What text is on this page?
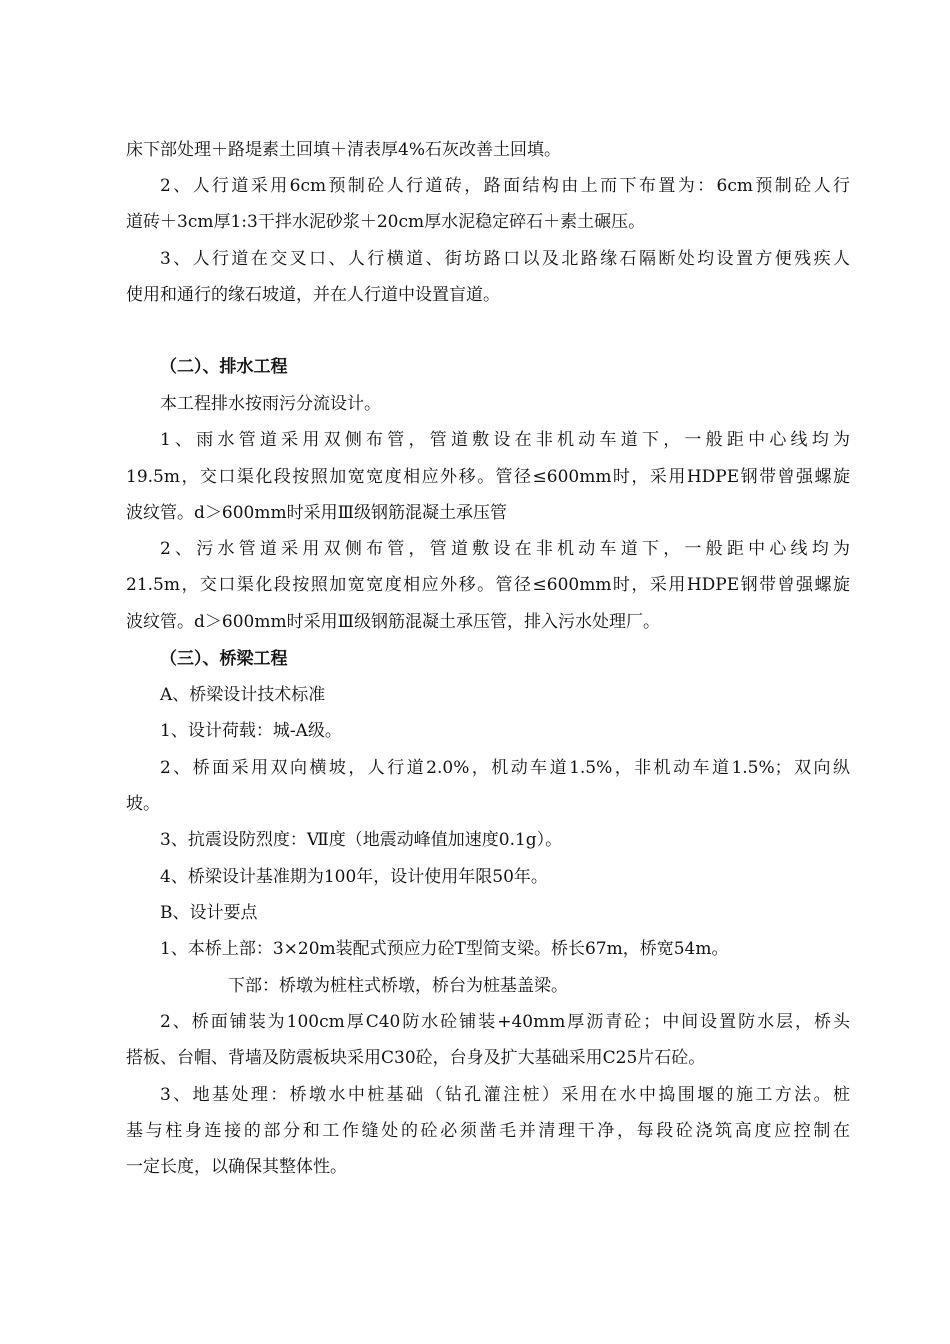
床下部处理＋路堤素土回填＋清表厚4%石灰改善土回填。

2、人行道采用6cm预制砼人行道砖，路面结构由上而下布置为：6cm预制砼人行

道砖＋3cm厚1:3干拌水泥砂浆＋20cm厚水泥稳定碎石＋素土碾压。

3、人行道在交叉口、人行横道、街坊路口以及北路缘石隔断处均设置方便残疾人

使用和通行的缘石坡道，并在人行道中设置盲道。

（二）、排水工程

本工程排水按雨污分流设计。

1、雨水管道采用双侧布管，管道敷设在非机动车道下，一般距中心线均为

19.5m，交口渠化段按照加宽宽度相应外移。管径≤600mm时，采用HDPE钢带曾强螺旋

波纹管。d＞600mm时采用Ⅲ级钢筋混凝土承压管

2、污水管道采用双侧布管，管道敷设在非机动车道下，一般距中心线均为

21.5m，交口渠化段按照加宽宽度相应外移。管径≤600mm时，采用HDPE钢带曾强螺旋

波纹管。d＞600mm时采用Ⅲ级钢筋混凝土承压管，排入污水处理厂。

（三）、桥梁工程

A、桥梁设计技术标准

1、设计荷载：城-A级。

2、桥面采用双向横坡，人行道2.0%，机动车道1.5%，非机动车道1.5%；双向纵

坡。

3、抗震设防烈度：Ⅶ度（地震动峰值加速度0.1g）。

4、桥梁设计基准期为100年，设计使用年限50年。

B、设计要点

1、本桥上部：3×20m装配式预应力砼T型简支梁。桥长67m，桥宽54m。

下部：桥墩为桩柱式桥墩，桥台为桩基盖梁。

2、桥面铺装为100cm厚C40防水砼铺装+40mm厚沥青砼；中间设置防水层，桥头

搭板、台帽、背墙及防震板块采用C30砼，台身及扩大基础采用C25片石砼。

3、地基处理：桥墩水中桩基础（钻孔灌注桩）采用在水中捣围堰的施工方法。桩

基与柱身连接的部分和工作缝处的砼必须凿毛并清理干净，每段砼浇筑高度应控制在

一定长度，以确保其整体性。
